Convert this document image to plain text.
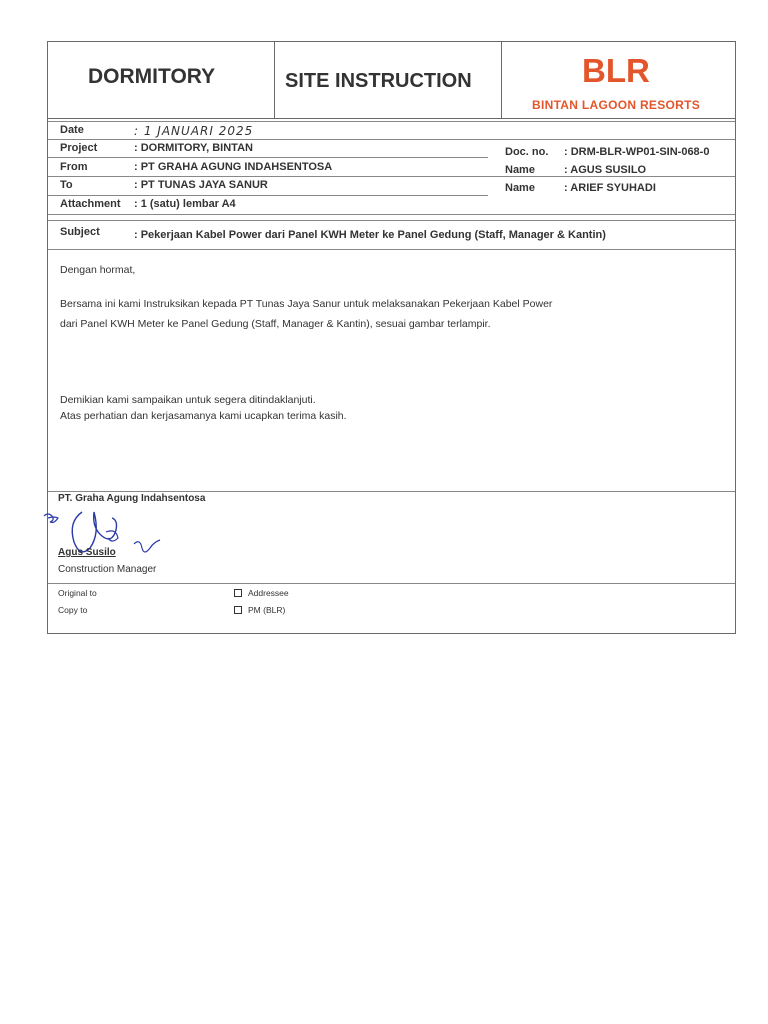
DORMITORY	SITE INSTRUCTION	BLR
BINTAN LAGOON RESORTS
Date	: 1 JANUARI 2025
Project	: DORMITORY, BINTAN	Doc. no. : DRM-BLR-WP01-SIN-068-0
From	: PT GRAHA AGUNG INDAHSENTOSA	Name	: AGUS SUSILO
To	: PT TUNAS JAYA SANUR	Name	: ARIEF SYUHADI
Attachment : 1 (satu) lembar A4
Subject	: Pekerjaan Kabel Power dari Panel KWH Meter ke Panel Gedung (Staff, Manager & Kantin)
Dengan hormat,
Bersama ini kami Instruksikan kepada PT Tunas Jaya Sanur untuk melaksanakan Pekerjaan Kabel Power
dari Panel KWH Meter ke Panel Gedung (Staff, Manager & Kantin), sesuai gambar terlampir.
Demikian kami sampaikan untuk segera ditindaklanjuti.
Atas perhatian dan kerjasamanya kami ucapkan terima kasih.
PT. Graha Agung Indahsentosa
Agus Susilo
Construction Manager
Original to	Addressee
Copy to	PM (BLR)
